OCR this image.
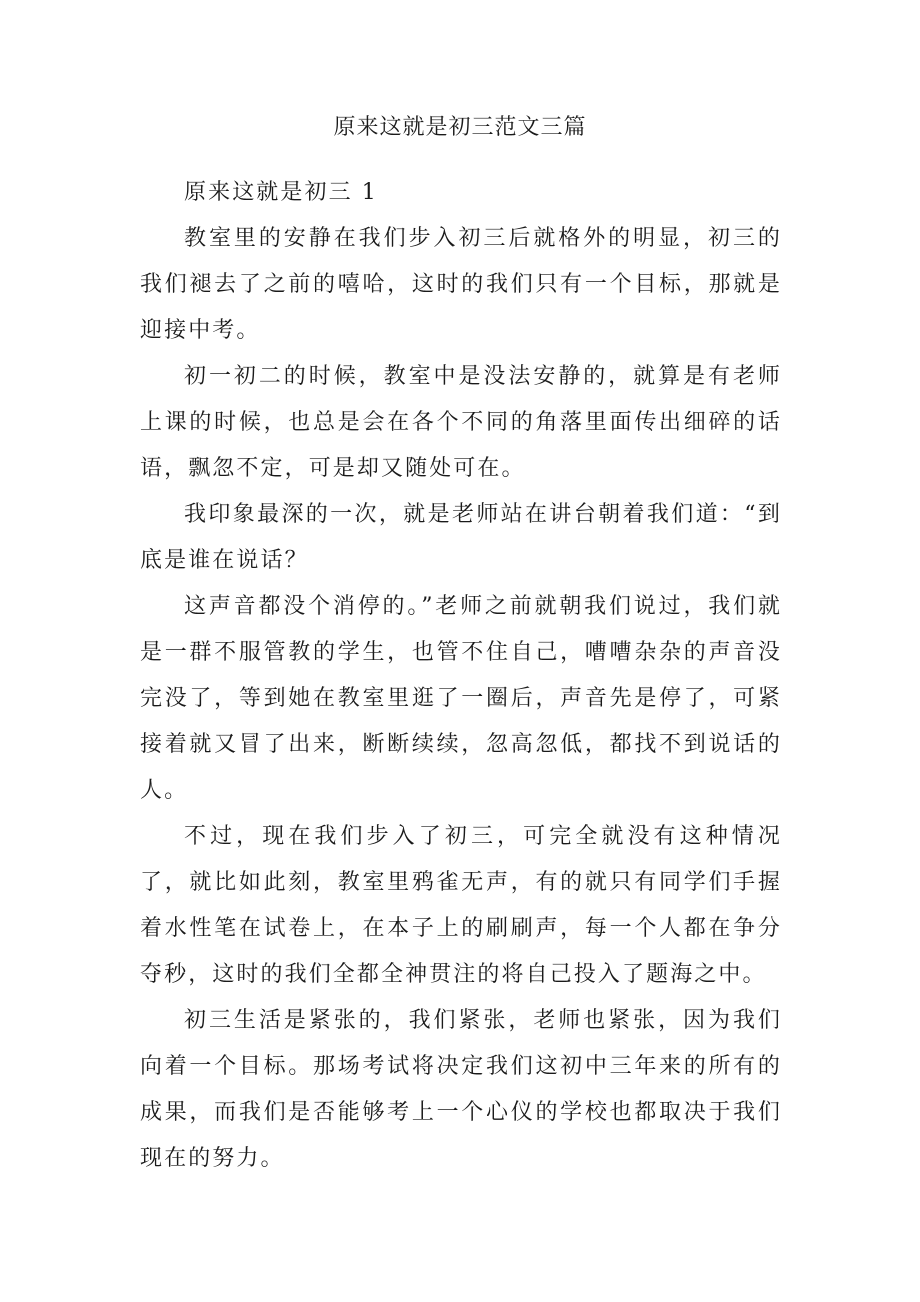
原来这就是初三范文三篇

原来这就是初三 1

教室里的安静在我们步入初三后就格外的明显，初三的我们褪去了之前的嘻哈，这时的我们只有一个目标，那就是迎接中考。

初一初二的时候，教室中是没法安静的，就算是有老师上课的时候，也总是会在各个不同的角落里面传出细碎的话语，飘忽不定，可是却又随处可在。

我印象最深的一次，就是老师站在讲台朝着我们道：“到底是谁在说话？

这声音都没个消停的。”老师之前就朝我们说过，我们就是一群不服管教的学生，也管不住自己，嘈嘈杂杂的声音没完没了，等到她在教室里逛了一圈后，声音先是停了，可紧接着就又冒了出来，断断续续，忽高忽低，都找不到说话的人。

不过，现在我们步入了初三，可完全就没有这种情况了，就比如此刻，教室里鸦雀无声，有的就只有同学们手握着水性笔在试卷上，在本子上的刷刷声，每一个人都在争分夺秒，这时的我们全都全神贯注的将自己投入了题海之中。

初三生活是紧张的，我们紧张，老师也紧张，因为我们向着一个目标。那场考试将决定我们这初中三年来的所有的成果，而我们是否能够考上一个心仪的学校也都取决于我们现在的努力。
